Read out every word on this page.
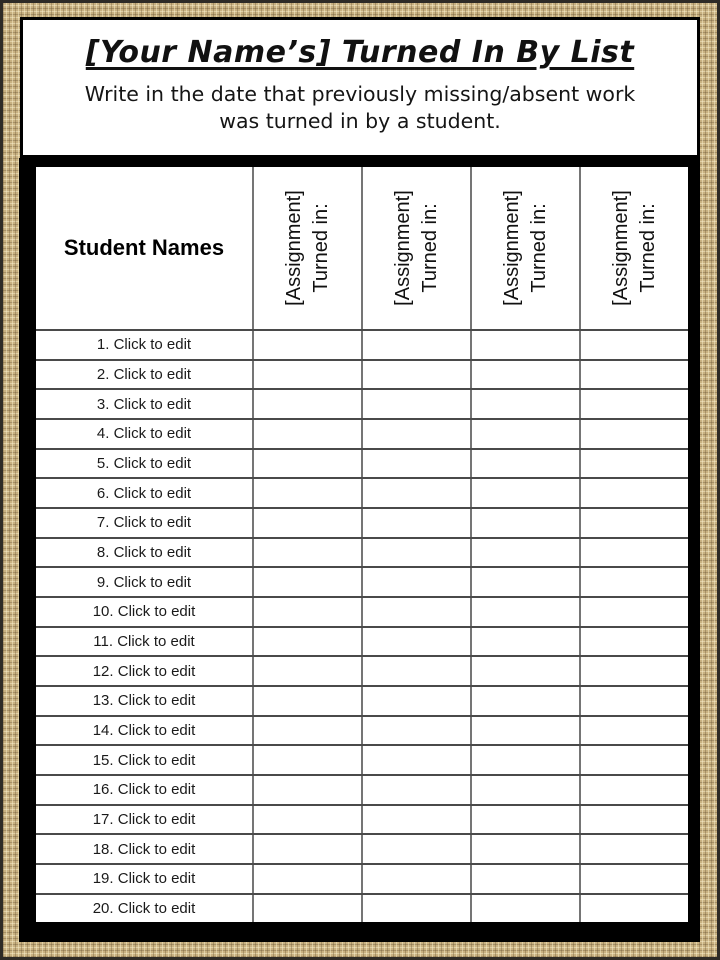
[Your Name’s] Turned In By List

Write in the date that previously missing/absent work
was turned in by a student.

Student Names	[Assignment] Turned in:	[Assignment] Turned in:	[Assignment] Turned in:	[Assignment] Turned in:

1. Click to edit				
2. Click to edit				
3. Click to edit				
4. Click to edit				
5. Click to edit				
6. Click to edit				
7. Click to edit				
8. Click to edit				
9. Click to edit				
10. Click to edit				
11. Click to edit				
12. Click to edit				
13. Click to edit				
14. Click to edit				
15. Click to edit				
16. Click to edit				
17. Click to edit				
18. Click to edit				
19. Click to edit				
20. Click to edit				
